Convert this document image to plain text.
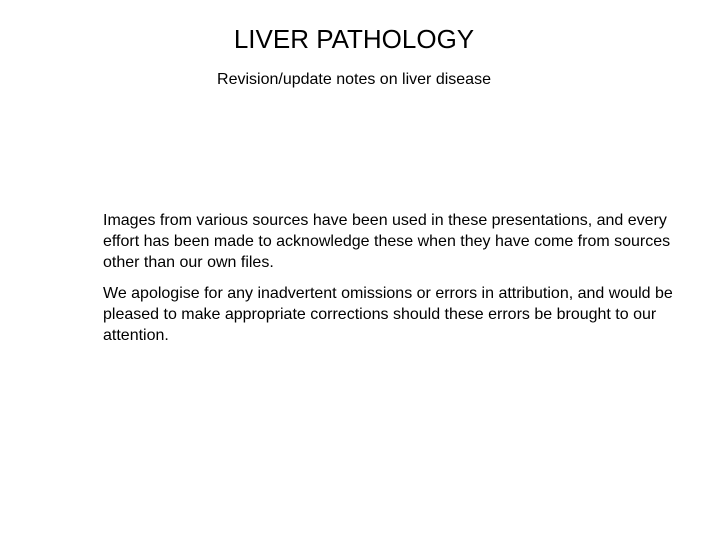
LIVER PATHOLOGY

Revision/update notes on liver disease

Images from various sources have been used in these presentations, and every effort has been made to acknowledge these when they have come from sources other than our own files.

We apologise for any inadvertent omissions or errors in attribution, and would be pleased to make appropriate corrections should these errors be brought to our attention.
